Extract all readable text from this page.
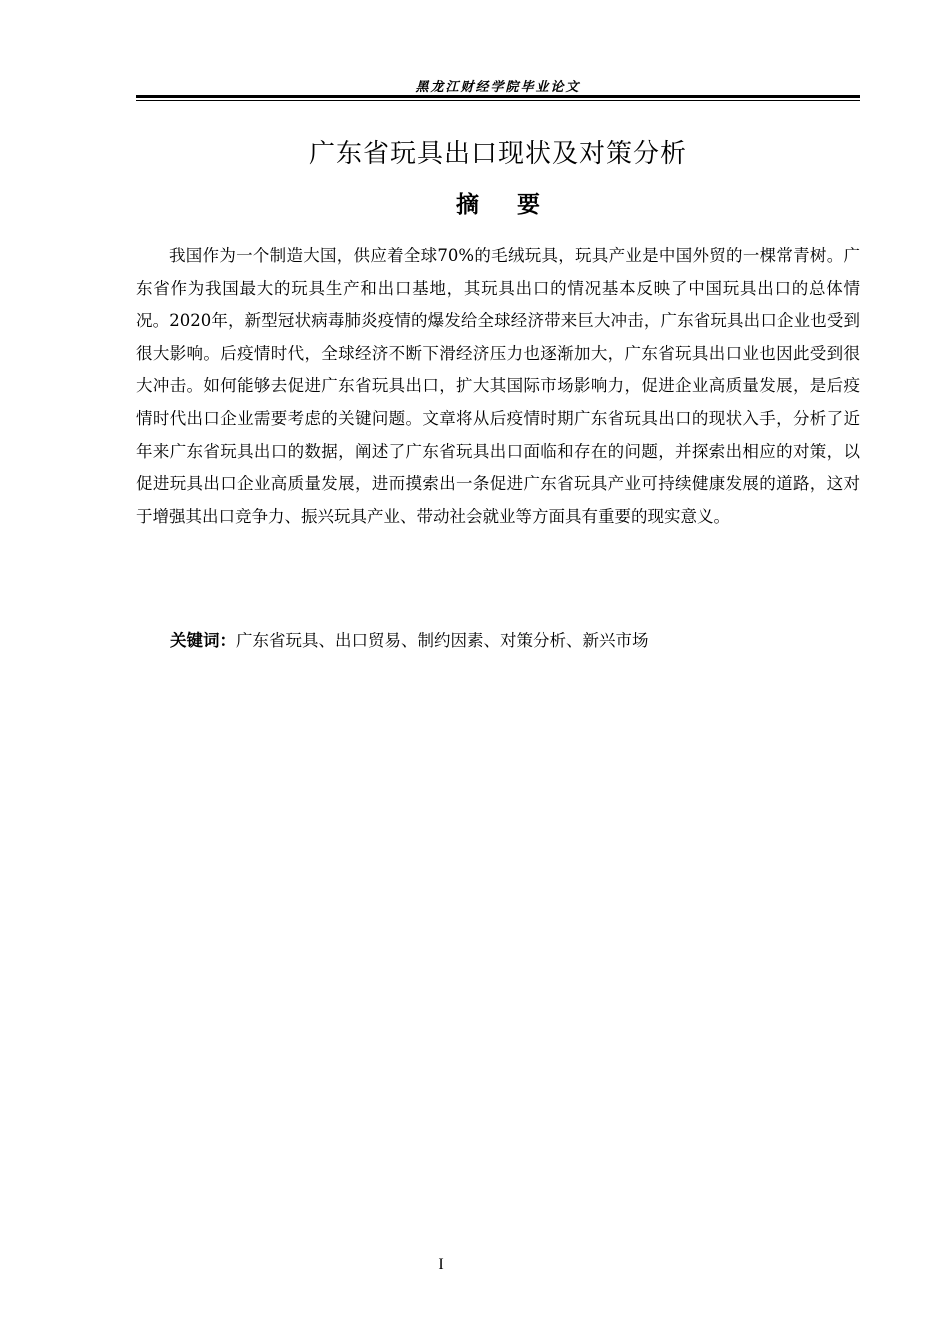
黑龙江财经学院毕业论文
广东省玩具出口现状及对策分析
摘要

我国作为一个制造大国，供应着全球70%的毛绒玩具，玩具产业是中国外贸的一棵常青树。广东省作为我国最大的玩具生产和出口基地，其玩具出口的情况基本反映了中国玩具出口的总体情况。2020年，新型冠状病毒肺炎疫情的爆发给全球经济带来巨大冲击，广东省玩具出口企业也受到很大影响。后疫情时代，全球经济不断下滑经济压力也逐渐加大，广东省玩具出口业也因此受到很大冲击。如何能够去促进广东省玩具出口，扩大其国际市场影响力，促进企业高质量发展，是后疫情时代出口企业需要考虑的关键问题。文章将从后疫情时期广东省玩具出口的现状入手，分析了近年来广东省玩具出口的数据，阐述了广东省玩具出口面临和存在的问题，并探索出相应的对策，以促进玩具出口企业高质量发展，进而摸索出一条促进广东省玩具产业可持续健康发展的道路，这对于增强其出口竞争力、振兴玩具产业、带动社会就业等方面具有重要的现实意义。

关键词：广东省玩具、出口贸易、制约因素、对策分析、新兴市场
I
